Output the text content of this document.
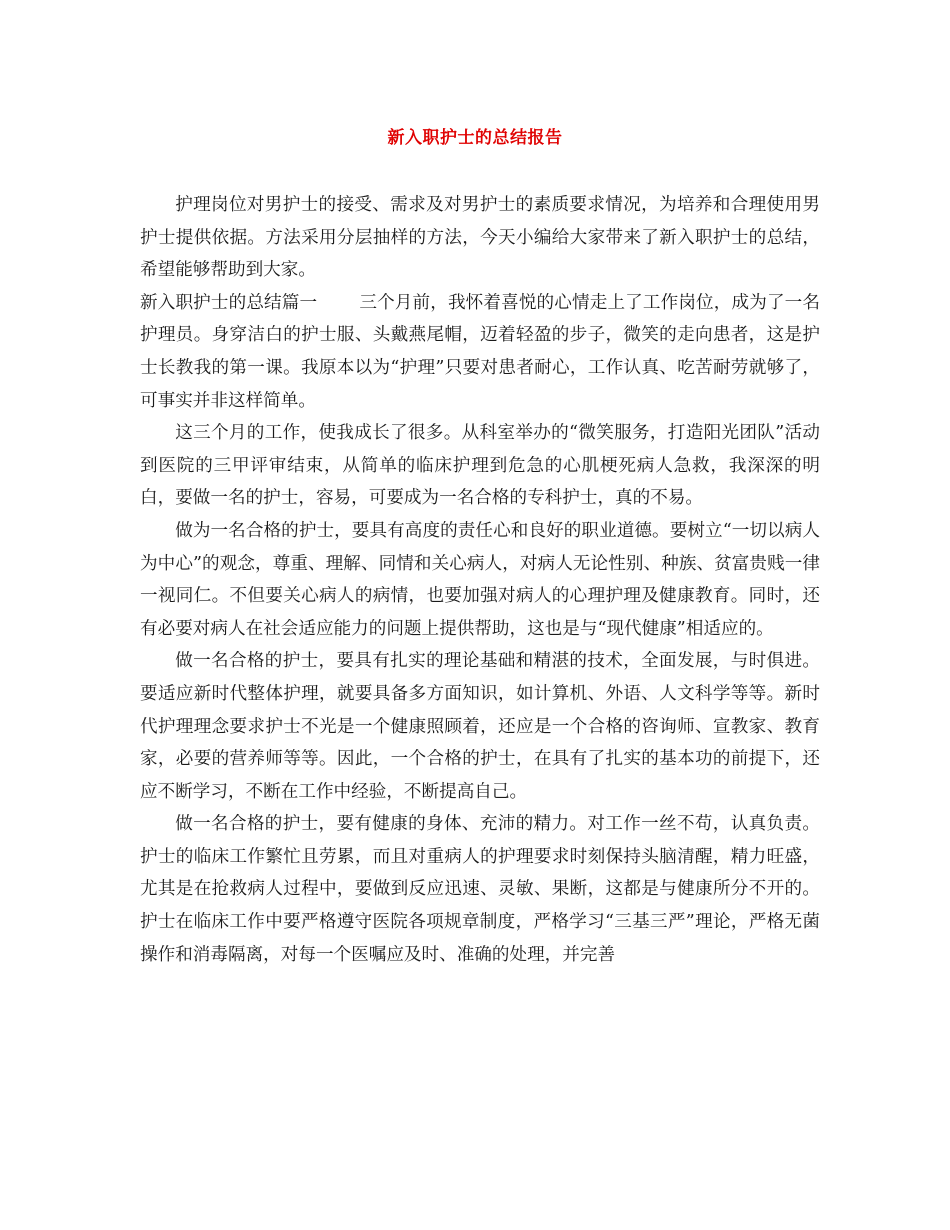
新入职护士的总结报告

护理岗位对男护士的接受、需求及对男护士的素质要求情况，为培养和合理使用男护士提供依据。方法采用分层抽样的方法，今天小编给大家带来了新入职护士的总结，希望能够帮助到大家。

新入职护士的总结篇一 三个月前，我怀着喜悦的心情走上了工作岗位，成为了一名护理员。身穿洁白的护士服、头戴燕尾帽，迈着轻盈的步子，微笑的走向患者，这是护士长教我的第一课。我原本以为“护理”只要对患者耐心，工作认真、吃苦耐劳就够了，可事实并非这样简单。

这三个月的工作，使我成长了很多。从科室举办的“微笑服务，打造阳光团队”活动到医院的三甲评审结束，从简单的临床护理到危急的心肌梗死病人急救，我深深的明白，要做一名的护士，容易，可要成为一名合格的专科护士，真的不易。

做为一名合格的护士，要具有高度的责任心和良好的职业道德。要树立“一切以病人为中心”的观念，尊重、理解、同情和关心病人，对病人无论性别、种族、贫富贵贱一律一视同仁。不但要关心病人的病情，也要加强对病人的心理护理及健康教育。同时，还有必要对病人在社会适应能力的问题上提供帮助，这也是与“现代健康”相适应的。

做一名合格的护士，要具有扎实的理论基础和精湛的技术，全面发展，与时俱进。要适应新时代整体护理，就要具备多方面知识，如计算机、外语、人文科学等等。新时代护理理念要求护士不光是一个健康照顾着，还应是一个合格的咨询师、宣教家、教育家，必要的营养师等等。因此，一个合格的护士，在具有了扎实的基本功的前提下，还应不断学习，不断在工作中经验，不断提高自己。

做一名合格的护士，要有健康的身体、充沛的精力。对工作一丝不苟，认真负责。护士的临床工作繁忙且劳累，而且对重病人的护理要求时刻保持头脑清醒，精力旺盛，尤其是在抢救病人过程中，要做到反应迅速、灵敏、果断，这都是与健康所分不开的。护士在临床工作中要严格遵守医院各项规章制度，严格学习“三基三严”理论，严格无菌操作和消毒隔离，对每一个医嘱应及时、准确的处理，并完善
